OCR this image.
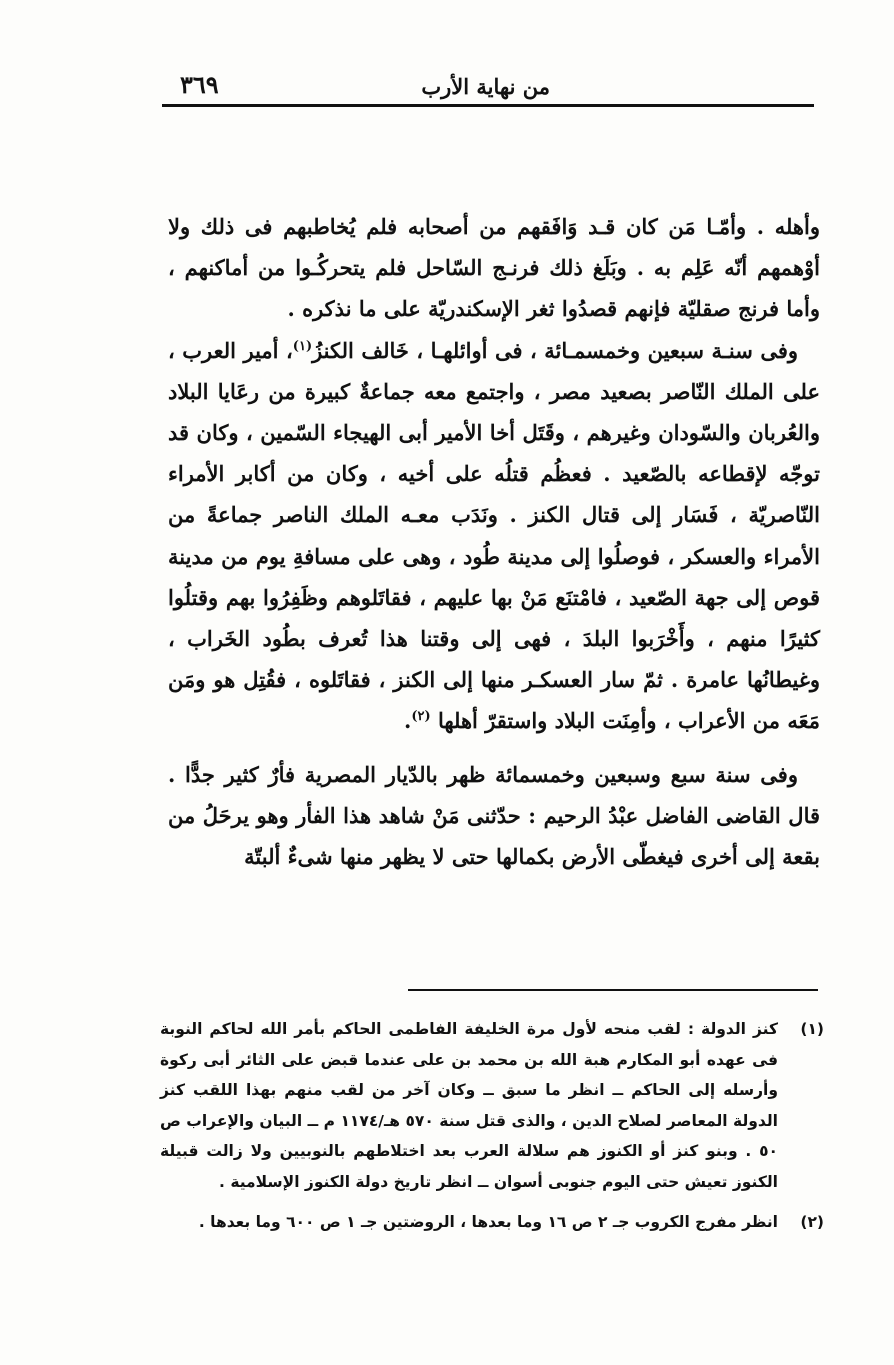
من نهاية الأرب
٣٦٩

وأهله . وأمّـا مَن كان قـد وَافَقهم من أصحابه فلم يُخاطبهم فى ذلك ولا أوْهمهم أنّه عَلِم به . وبَلَغ ذلك فرنـج السّاحل فلم يتحركُـوا من أماكنهم ، وأما فرنج صقليّة فإنهم قصدُوا ثغر الإسكندريّة على ما نذكره .

وفى سنـة سبعين وخمسمـائة ، فى أوائلهـا ، خَالف الكنزُ$^{(١)}$، أمير العرب ، على الملك النّاصر بصعيد مصر ، واجتمع معه جماعةٌ كبيرة من رعَايا البلاد والعُربان والسّودان وغيرهم ، وقَتَل أخا الأمير أبى الهيجاء السّمين ، وكان قد توجّه لإقطاعه بالصّعيد . فعظُم قتلُه على أخيه ، وكان من أكابر الأمراء النّاصريّة ، فَسَار إلى قتال الكنز . ونَدَب معـه الملك الناصر جماعةً من الأمراء والعسكر ، فوصلُوا إلى مدينة طُود ، وهى على مسافةِ يوم من مدينة قوص إلى جهة الصّعيد ، فامْتنَع مَنْ بها عليهم ، فقاتَلوهم وظَفِرُوا بهم وقتلُوا كثيرًا منهم ، وأَخْرَبوا البلدَ ، فهى إلى وقتنا هذا تُعرف بطُود الخَراب ، وغيطانُها عامرة . ثمّ سار العسكـر منها إلى الكنز ، فقاتَلوه ، فقُتِل هو ومَن مَعَه من الأعراب ، وأمِنَت البلاد واستقرّ أهلها $^{(٢)}$.

وفى سنة سبع وسبعين وخمسمائة ظهر بالدّيار المصرية فأرٌ كثير جدًّا . قال القاضى الفاضل عبْدُ الرحيم : حدّثنى مَنْ شاهد هذا الفأر وهو يرحَلُ من بقعة إلى أخرى فيغطّى الأرض بكمالها حتى لا يظهر منها شىءٌ ألبتّة

(١)
كنز الدولة : لقب منحه لأول مرة الخليفة الفاطمى الحاكم بأمر الله لحاكم النوبة فى عهده أبو المكارم هبة الله بن محمد بن على عندما قبض على الثائر أبى ركوة وأرسله إلى الحاكم ــ انظر ما سبق ــ وكان آخر من لقب منهم بهذا اللقب كنز الدولة المعاصر لصلاح الدين ، والذى قتل سنة ٥٧٠ هـ/١١٧٤ م ــ البيان والإعراب ص ٥٠ . وبنو كنز أو الكنوز هم سلالة العرب بعد اختلاطهم بالنوبيين ولا زالت قبيلة الكنوز تعيش حتى اليوم جنوبى أسوان ــ انظر تاريخ دولة الكنوز الإسلامية .
(٢)
انظر مفرج الكروب جـ ٢ ص ١٦ وما بعدها ، الروضتين جـ ١ ص ٦٠٠ وما بعدها .
